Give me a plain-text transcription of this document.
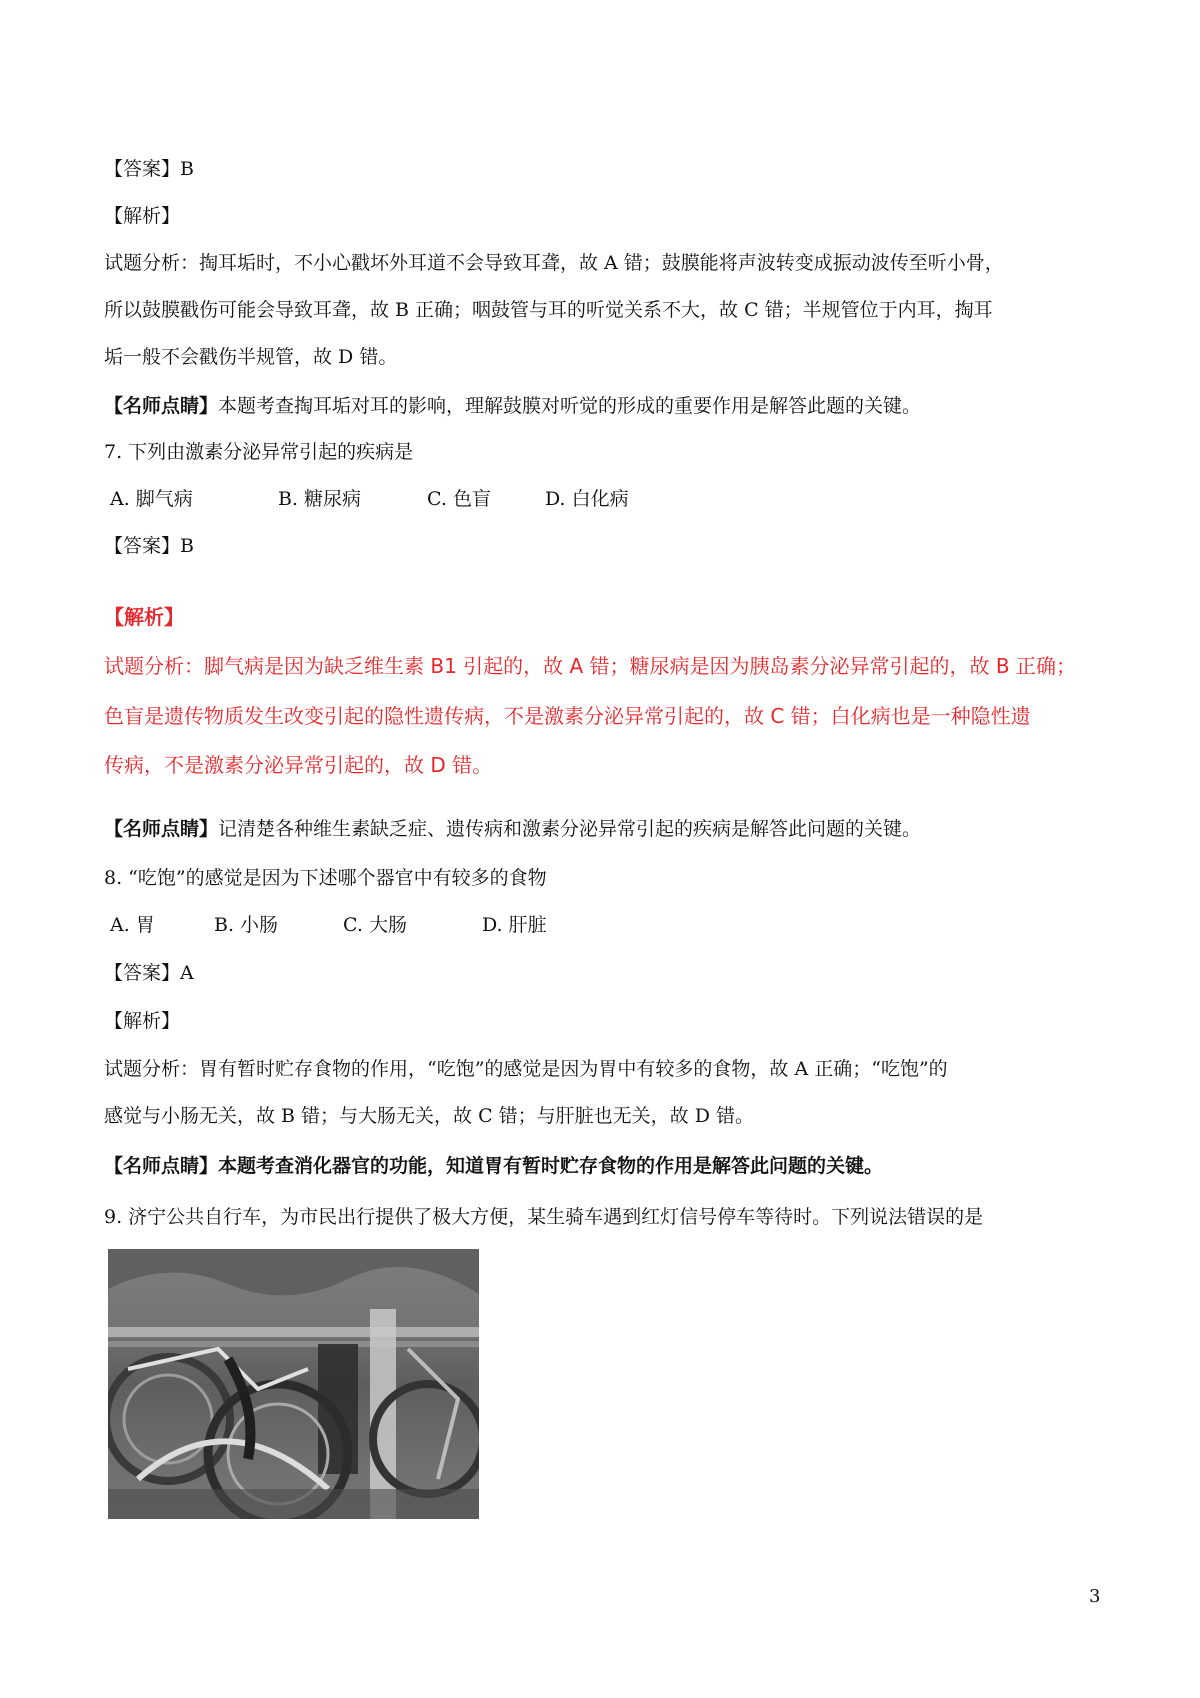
【答案】B
【解析】
试题分析：掏耳垢时，不小心戳坏外耳道不会导致耳聋，故 A 错；鼓膜能将声波转变成振动波传至听小骨，
所以鼓膜戳伤可能会导致耳聋，故 B 正确；咽鼓管与耳的听觉关系不大，故 C 错；半规管位于内耳，掏耳
垢一般不会戳伤半规管，故 D 错。
【名师点睛】本题考查掏耳垢对耳的影响，理解鼓膜对听觉的形成的重要作用是解答此题的关键。
7. 下列由激素分泌异常引起的疾病是
A. 脚气病	B. 糖尿病	C. 色盲	D. 白化病
【答案】B
【解析】
试题分析：脚气病是因为缺乏维生素 B1 引起的，故 A 错；糖尿病是因为胰岛素分泌异常引起的，故 B 正确；
色盲是遗传物质发生改变引起的隐性遗传病，不是激素分泌异常引起的，故 C 错；白化病也是一种隐性遗
传病，不是激素分泌异常引起的，故 D 错。
【名师点睛】记清楚各种维生素缺乏症、遗传病和激素分泌异常引起的疾病是解答此问题的关键。
8. “吃饱”的感觉是因为下述哪个器官中有较多的食物
A. 胃	B. 小肠	C. 大肠	D. 肝脏
【答案】A
【解析】
试题分析：胃有暂时贮存食物的作用，“吃饱”的感觉是因为胃中有较多的食物，故 A 正确；“吃饱”的
感觉与小肠无关，故 B 错；与大肠无关，故 C 错；与肝脏也无关，故 D 错。
【名师点睛】本题考查消化器官的功能，知道胃有暂时贮存食物的作用是解答此问题的关键。
9. 济宁公共自行车，为市民出行提供了极大方便，某生骑车遇到红灯信号停车等待时。下列说法错误的是
3
